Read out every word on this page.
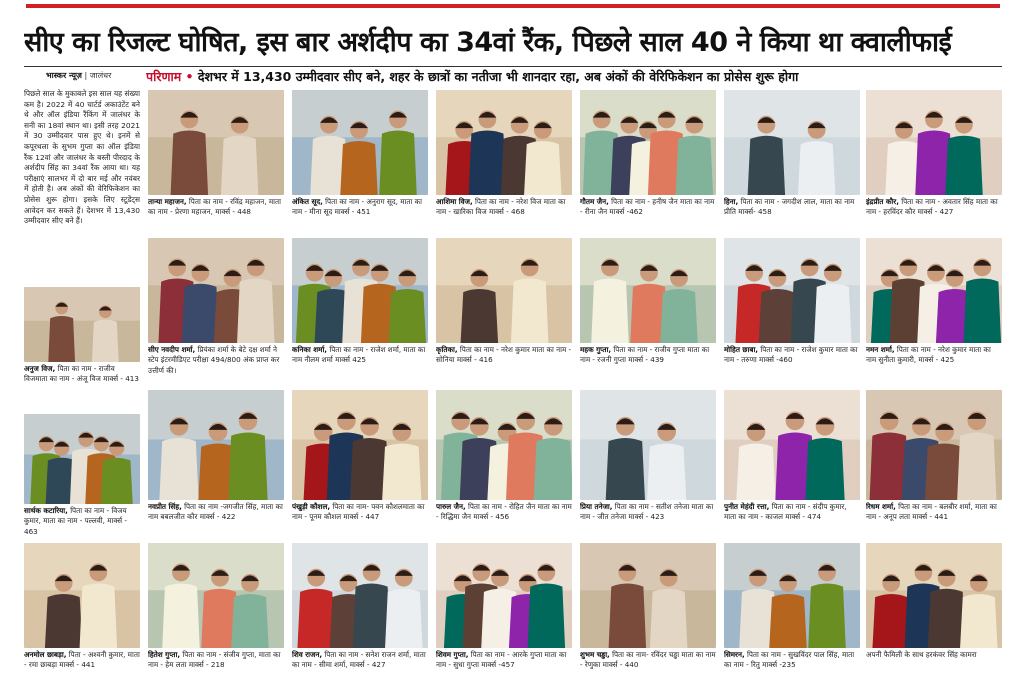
सीए का रिजल्ट घोषित, इस बार अर्शदीप का 34वां रैंक, पिछले साल 40 ने किया था क्वालीफाई
भास्कर न्यूज़ | जालंधर	परिणाम • देशभर में 13,430 उम्मीदवार सीए बने, शहर के छात्रों का नतीजा भी शानदार रहा, अब अंकों की वेरिफिकेशन का प्रोसेस शुरू होगा
पिछले साल के मुकाबले इस साल यह संख्या कम है। 2022 में 40 चार्टर्ड अकाउंटेंट बने थे और ऑल इंडिया रैंकिंग में जालंधर के सनी का 18वां स्थान था। इसी तरह 2021 में 30 उम्मीदवार पास हुए थे। इनमें से कपूरथला के सुभम गुप्ता का ऑल इंडिया रैंक 12वां और जालंधर के बस्ती पीरदाद के अर्शदीप सिंह का 34वां रैंक आया था। यह परीक्षाएं सालभर में दो बार मई और नवंबर में होती है। अब अंकों की वेरिफिकेशन का प्रोसेस शुरू होगा। इसके लिए स्टूडेंट्स आवेदन कर सकते हैं। देशभर में 13,430 उम्मीदवार सीए बने हैं।
तान्या महाजन, पिता का नाम - रविंद्र महाजन, माता का नाम - प्रेरणा महाजन, मार्क्स - 448
अंकित सूद, पिता का नाम - अनुराग सूद, माता का नाम - मीना सूद मार्क्स - 451
आशिमा विज, पिता का नाम - नरेश विज माता का नाम - खारिका विज मार्क्स - 468
गौतम जैन, पिता का नाम - हनीष जैन माता का नाम - रीना जैन मार्क्स -462
हिना, पिता का नाम - जगदीश लाल, माता का नाम प्रीति मार्क्स- 458
इंद्रप्रीत कौर, पिता का नाम - अवतार सिंह माता का नाम - हरविंदर कौर मार्क्स - 427
सीए नवदीप शर्मा, प्रियंका शर्मा के बेटे दक्ष शर्मा ने स्टेप इंटरमीडिएट परीक्षा 494/800 अंक प्राप्त कर उत्तीर्ण की।
कनिका शर्मा, पिता का नाम - राजेश शर्मा, माता का नाम नीलम शर्मा मार्क्स 425
कृतिका, पिता का नाम - नरेश कुमार माता का नाम - सोनिया मार्क्स - 416
महक गुप्ता, पिता का नाम - राजीव गुप्ता माता का नाम - रजनी गुप्ता मार्क्स - 439
मोहित छाबा, पिता का नाम - राजेश कुमार माता का नाम - तरुणा मार्क्स -460
नमन शर्मा, पिता का नाम - नरेश कुमार माता का नाम सुनीता कुमारी, मार्क्स - 425
अनुज विज, पिता का नाम - राजीव विजमाता का नाम - अंजू विज मार्क्स - 413
नवप्रीत सिंह, पिता का नाम -जगजीत सिंह, माता का नाम बबलजीत कौर मार्क्स - 422
पंखुड़ी कौशल, पिता का नाम- पवन कौशलमाता का नाम - पूनम कौशल मार्क्स - 447
पारुल जैन, पिता का नाम - रोहित जैन माता का नाम - रिद्धिमा जैन मार्क्स - 456
प्रिया तनेजा, पिता का नाम - सतीश तनेजा माता का नाम - जीत तनेजा मार्क्स - 423
पुनीत मेहंदी रत्ता, पिता का नाम - संदीप कुमार, माता का नाम - काजल मार्क्स - 474
रिधम शर्मा, पिता का नाम - बलबीर शर्मा, माता का नाम - अनूप लता मार्क्स - 441
सार्थक कटारिया, पिता का नाम - विजय कुमार, माता का नाम - पल्लवी, मार्क्स - 463
अनमोल छाबड़ा, पिता - अश्वनी कुमार, माता - रमा छाबड़ा मार्क्स - 441
हितेश गुप्ता, पिता का नाम - संजीव गुप्ता, माता का नाम - हेम लता मार्क्स - 218
शिव राजन, पिता का नाम - सनेश राजन शर्मा, माता का नाम - सीमा शर्मा, मार्क्स - 427
शिवम गुप्ता, पिता का नाम - आरके गुप्ता माता का नाम - सुधा गुप्ता मार्क्स -457
शुभम चड्ढा, पिता का नाम- रविंदर चड्ढा माता का नाम - रेणुका मार्क्स - 440
सिमरन, पिता का नाम - सुखविंदर पाल सिंह, माता का नाम - रितु मार्क्स -235
अपनी फैमिली के साथ हरकंवर सिंह कामरा
